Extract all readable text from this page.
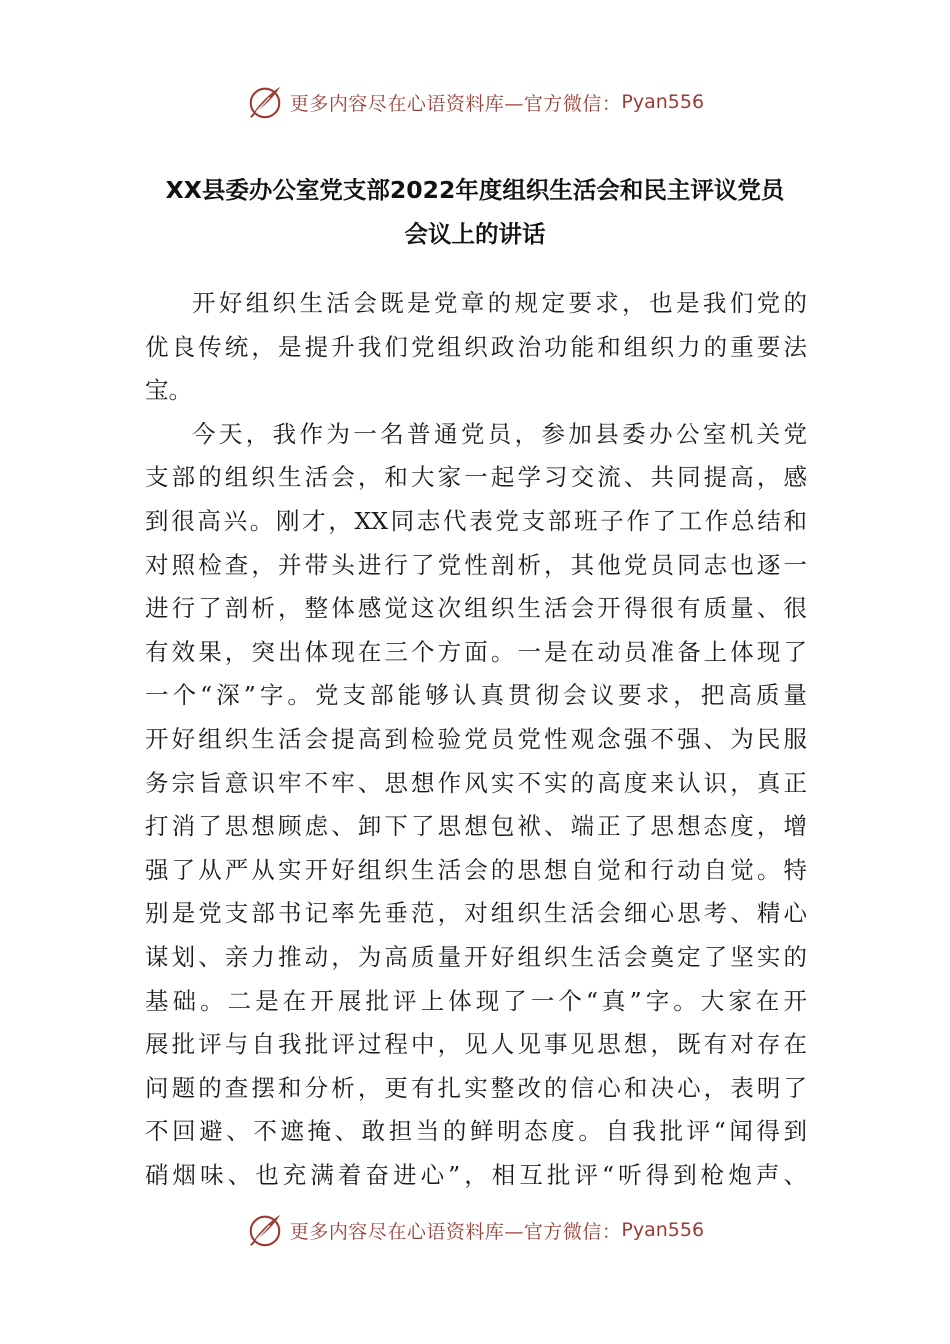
更多内容尽在心语资料库—官方微信： Pyan556
XX县委办公室党支部2022年度组织生活会和民主评议党员
会议上的讲话

开好组织生活会既是党章的规定要求，也是我们党的
优良传统，是提升我们党组织政治功能和组织力的重要法
宝。

今天，我作为一名普通党员，参加县委办公室机关党
支部的组织生活会，和大家一起学习交流、共同提高，感
到很高兴。刚才，XX同志代表党支部班子作了工作总结和
对照检查，并带头进行了党性剖析，其他党员同志也逐一
进行了剖析，整体感觉这次组织生活会开得很有质量、很
有效果，突出体现在三个方面。一是在动员准备上体现了
一个“深”字。党支部能够认真贯彻会议要求，把高质量
开好组织生活会提高到检验党员党性观念强不强、为民服
务宗旨意识牢不牢、思想作风实不实的高度来认识，真正
打消了思想顾虑、卸下了思想包袱、端正了思想态度，增
强了从严从实开好组织生活会的思想自觉和行动自觉。特
别是党支部书记率先垂范，对组织生活会细心思考、精心
谋划、亲力推动，为高质量开好组织生活会奠定了坚实的
基础。二是在开展批评上体现了一个“真”字。大家在开
展批评与自我批评过程中，见人见事见思想，既有对存在
问题的查摆和分析，更有扎实整改的信心和决心，表明了
不回避、不遮掩、敢担当的鲜明态度。自我批评“闻得到
硝烟味、也充满着奋进心”，相互批评“听得到枪炮声、

更多内容尽在心语资料库—官方微信： Pyan556
